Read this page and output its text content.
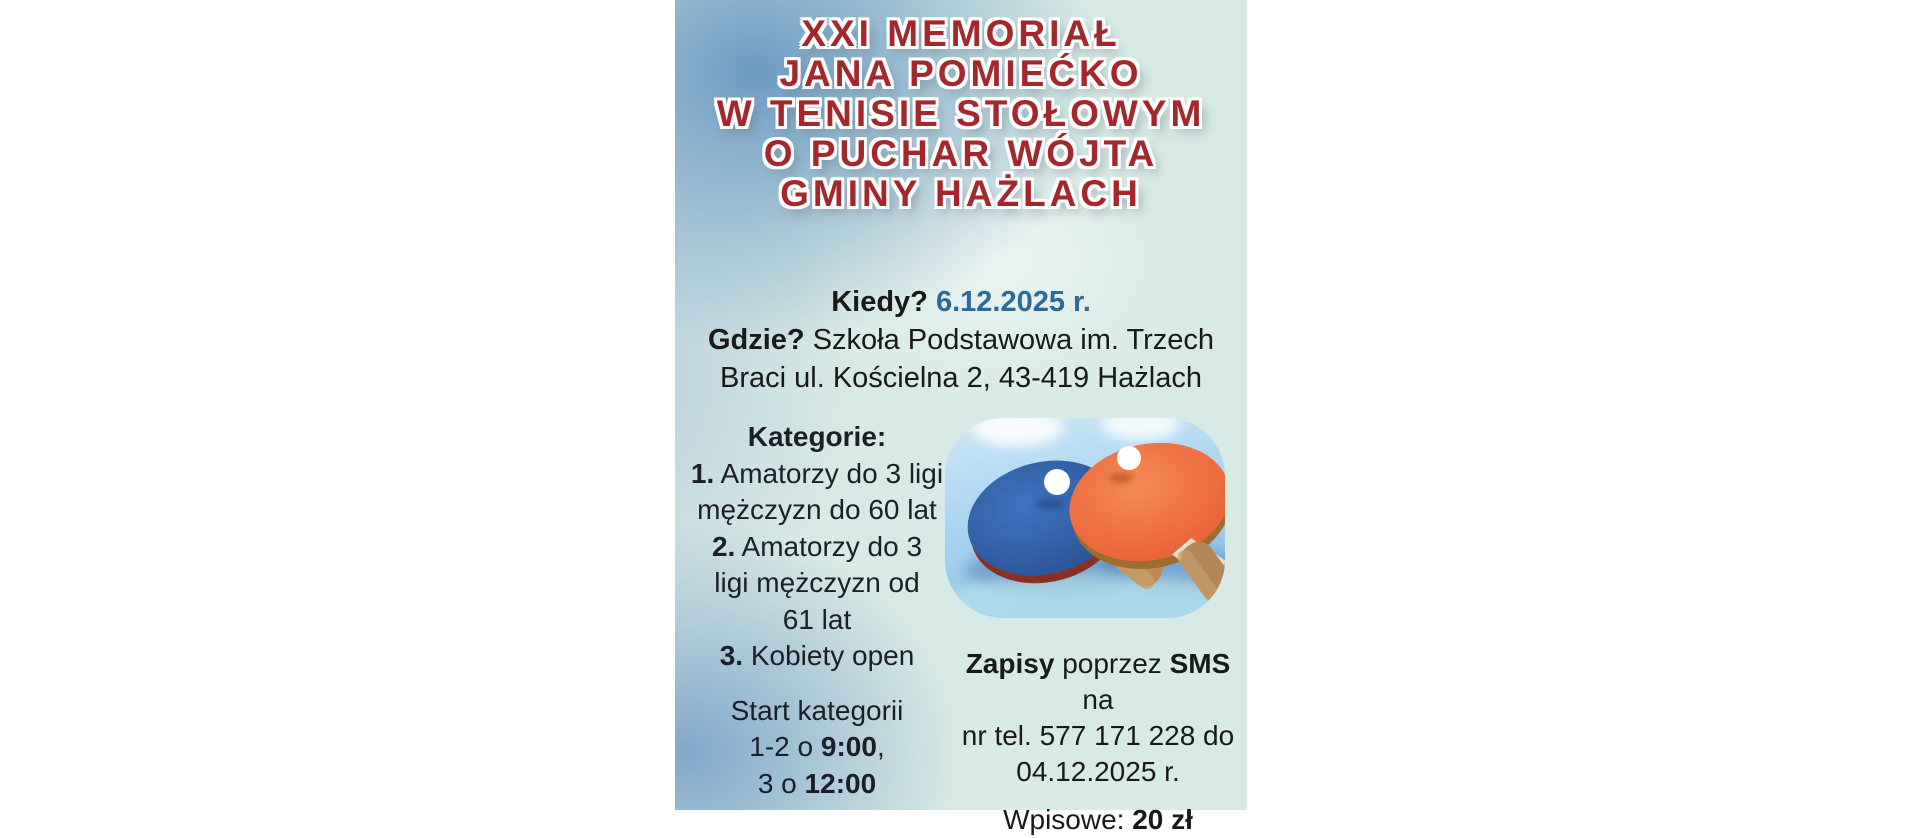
XXI MEMORIAŁ
JANA POMIEĆKO
W TENISIE STOŁOWYM
O PUCHAR WÓJTA
GMINY HAŻLACH
Kiedy? 6.12.2025 r.
Gdzie? Szkoła Podstawowa im. Trzech
Braci ul. Kościelna 2, 43-419 Hażlach
Kategorie:
1. Amatorzy do 3 ligi
mężczyzn do 60 lat
2. Amatorzy do 3
ligi mężczyzn od
61 lat
3. Kobiety open
Start kategorii
1-2 o 9:00,
3 o 12:00
Zapisy poprzez SMS na
nr tel. 577 171 228 do
04.12.2025 r.
Wpisowe: 20 zł
